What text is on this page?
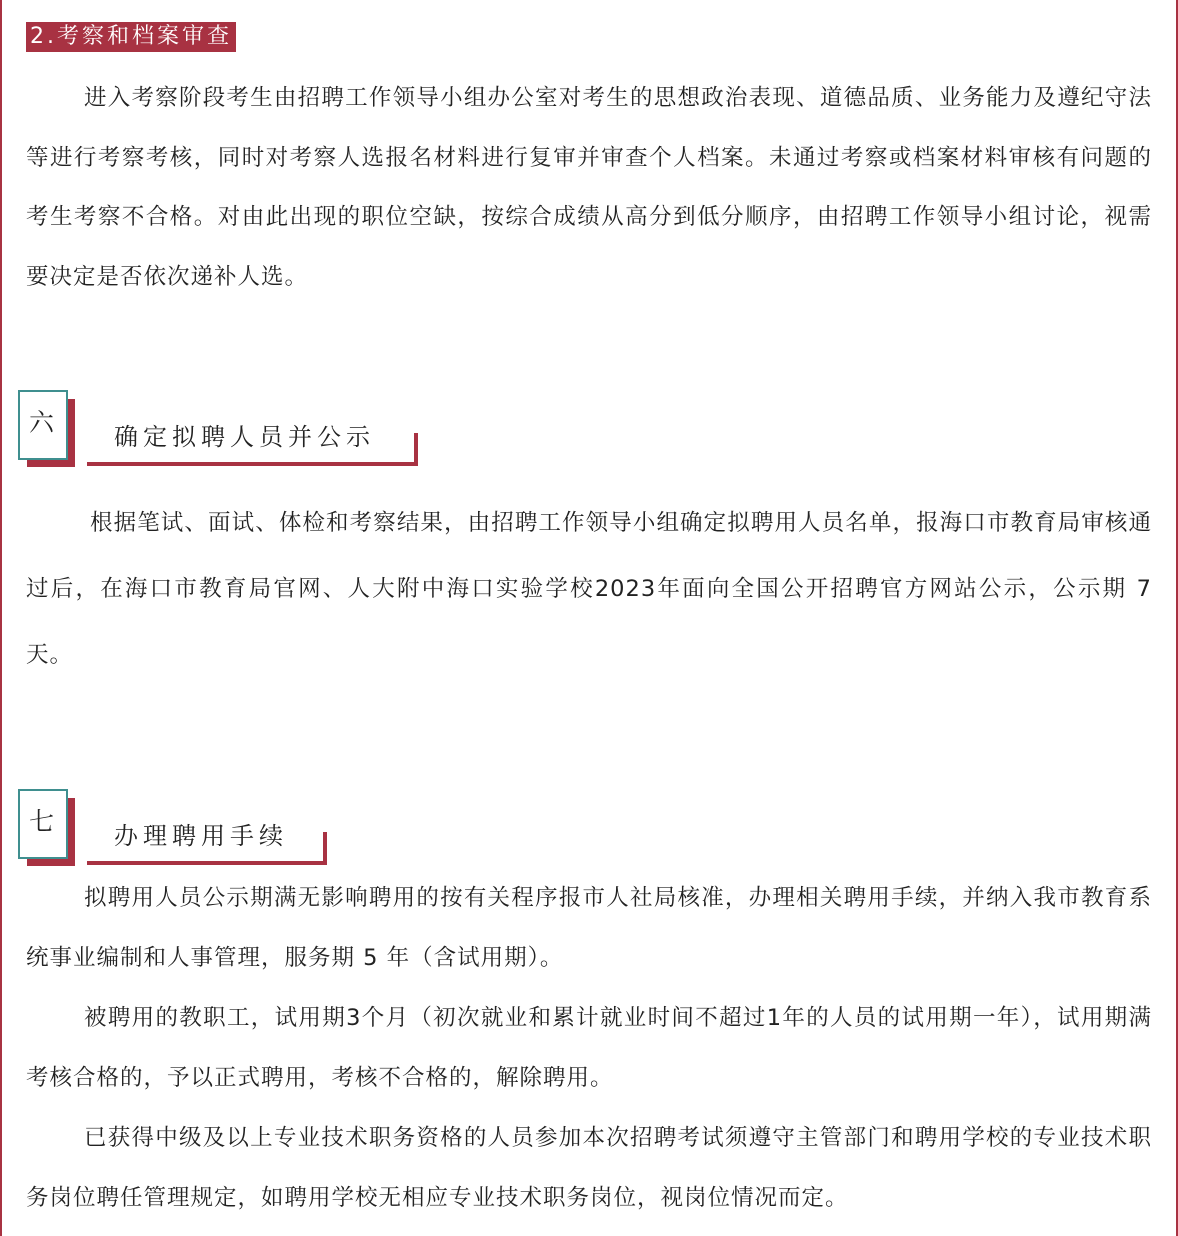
2.考察和档案审查

进入考察阶段考生由招聘工作领导小组办公室对考生的思想政治表现、道德品质、业务能力及遵纪守法等进行考察考核，同时对考察人选报名材料进行复审并审查个人档案。未通过考察或档案材料审核有问题的考生考察不合格。对由此出现的职位空缺，按综合成绩从高分到低分顺序，由招聘工作领导小组讨论，视需要决定是否依次递补人选。

六 确定拟聘人员并公示

根据笔试、面试、体检和考察结果，由招聘工作领导小组确定拟聘用人员名单，报海口市教育局审核通过后，在海口市教育局官网、人大附中海口实验学校2023年面向全国公开招聘官方网站公示，公示期 7 天。

七 办理聘用手续

拟聘用人员公示期满无影响聘用的按有关程序报市人社局核准，办理相关聘用手续，并纳入我市教育系统事业编制和人事管理，服务期 5 年（含试用期）。

被聘用的教职工，试用期3个月（初次就业和累计就业时间不超过1年的人员的试用期一年），试用期满考核合格的，予以正式聘用，考核不合格的，解除聘用。

已获得中级及以上专业技术职务资格的人员参加本次招聘考试须遵守主管部门和聘用学校的专业技术职务岗位聘任管理规定，如聘用学校无相应专业技术职务岗位，视岗位情况而定。
